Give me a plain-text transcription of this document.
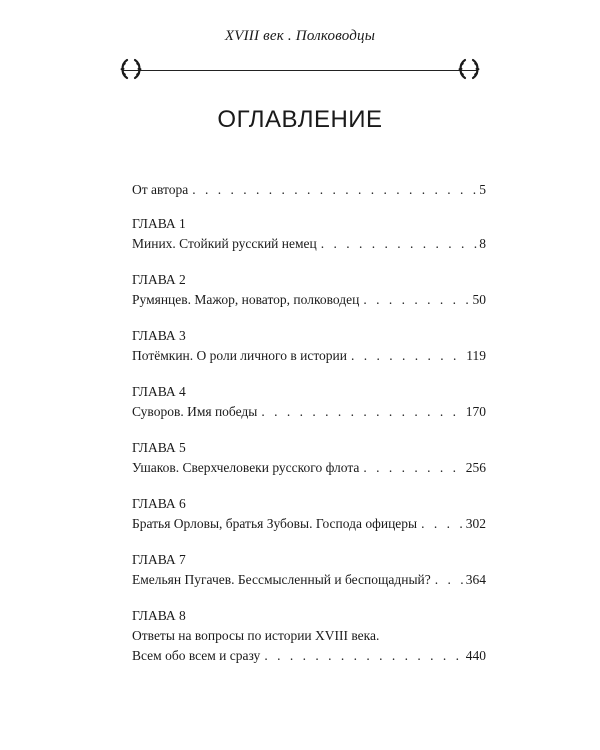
XVIII век . Полководцы
ОГЛАВЛЕНИЕ
От автора . . .	5
ГЛАВА 1
Миних. Стойкий русский немец . . .	8
ГЛАВА 2
Румянцев. Мажор, новатор, полководец . . .	50
ГЛАВА 3
Потёмкин. О роли личного в истории . . .	119
ГЛАВА 4
Суворов. Имя победы . . .	170
ГЛАВА 5
Ушаков. Сверхчеловеки русского флота . . .	256
ГЛАВА 6
Братья Орловы, братья Зубовы. Господа офицеры . . .	302
ГЛАВА 7
Емельян Пугачев. Бессмысленный и беспощадный? . . .	364
ГЛАВА 8
Ответы на вопросы по истории XVIII века.
Всем обо всем и сразу . . .	440
